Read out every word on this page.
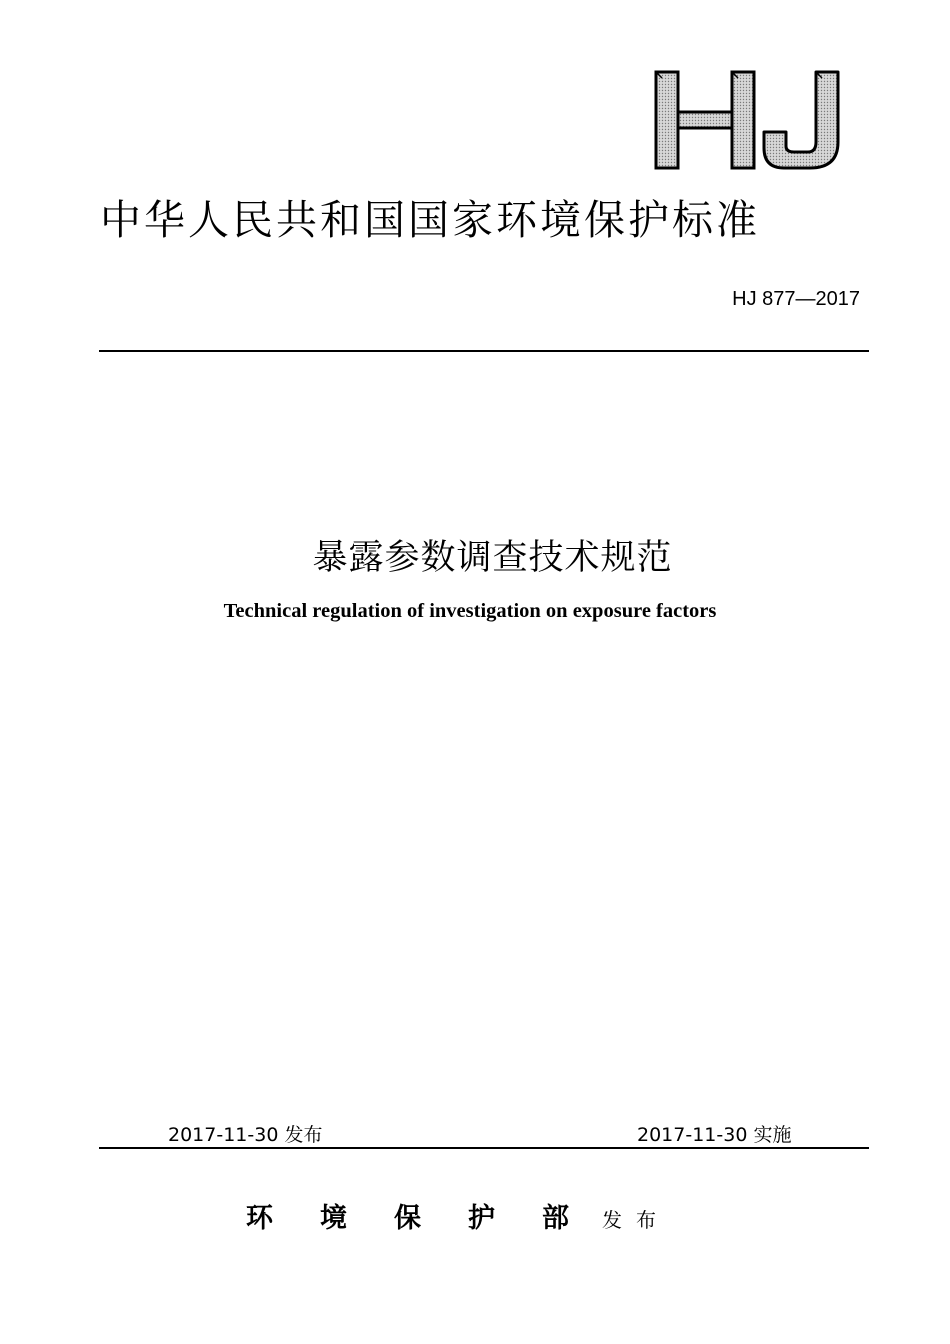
中华人民共和国国家环境保护标准
HJ 877—2017
暴露参数调查技术规范
Technical regulation of investigation on exposure factors
2017-11-30 发布	2017-11-30 实施
环境保护部发布
